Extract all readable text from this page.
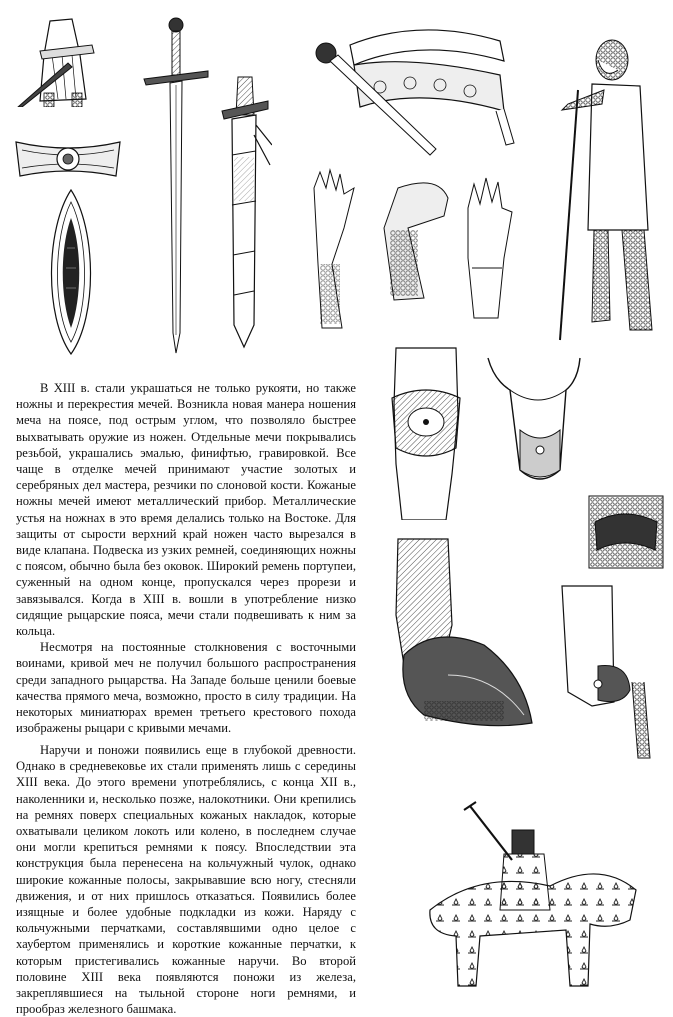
В XIII в. стали украшаться не только рукояти, но также ножны и перекрестия мечей. Возникла новая манера ношения меча на поясе, под острым углом, что позволяло быстрее выхватывать оружие из ножен. Отдельные мечи покрывались резьбой, украшались эмалью, финифтью, гравировкой. Все чаще в отделке мечей принимают участие золотых и серебряных дел мастера, резчики по слоновой кости. Кожаные ножны мечей имеют металлический прибор. Металлические устья на ножнах в это время делались только на Востоке. Для защиты от сырости верхний край ножен часто вырезался в виде клапана. Подвеска из узких ремней, соединяющих ножны с поясом, обычно была без оковок. Широкий ремень портупеи, суженный на одном конце, пропускался через прорези и завязывался. Когда в XIII в. вошли в употребление низко сидящие рыцарские пояса, мечи стали подвешивать к ним за кольца.

Несмотря на постоянные столкновения с восточными воинами, кривой меч не получил большого распространения среди западного рыцарства. На Западе больше ценили боевые качества прямого меча, возможно, просто в силу традиции. На некоторых миниатюрах времен третьего крестового похода изображены рыцари с кривыми мечами.

Наручи и поножи появились еще в глубокой древности. Однако в средневековье их стали применять лишь с середины XIII века. До этого времени употреблялись, с конца XII в., наколенники и, несколько позже, налокотники. Они крепились на ремнях поверх специальных кожаных накладок, которые охватывали целиком локоть или колено, в последнем случае они могли крепиться ремнями к поясу. Впоследствии эта конструкция была перенесена на кольчужный чулок, однако широкие кожанные полосы, закрывавшие всю ногу, стесняли движения, и от них пришлось отказаться. Появились более изящные и более удобные подкладки из кожи. Наряду с кольчужными перчатками, составлявшими одно целое с хаубертом применялись и короткие кожанные перчатки, к которым пристегивались кожанные наручи. Во второй половине XIII века появляются поножи из железа, закреплявшиеся на тыльной стороне ноги ремнями, и прообраз железного башмака.
